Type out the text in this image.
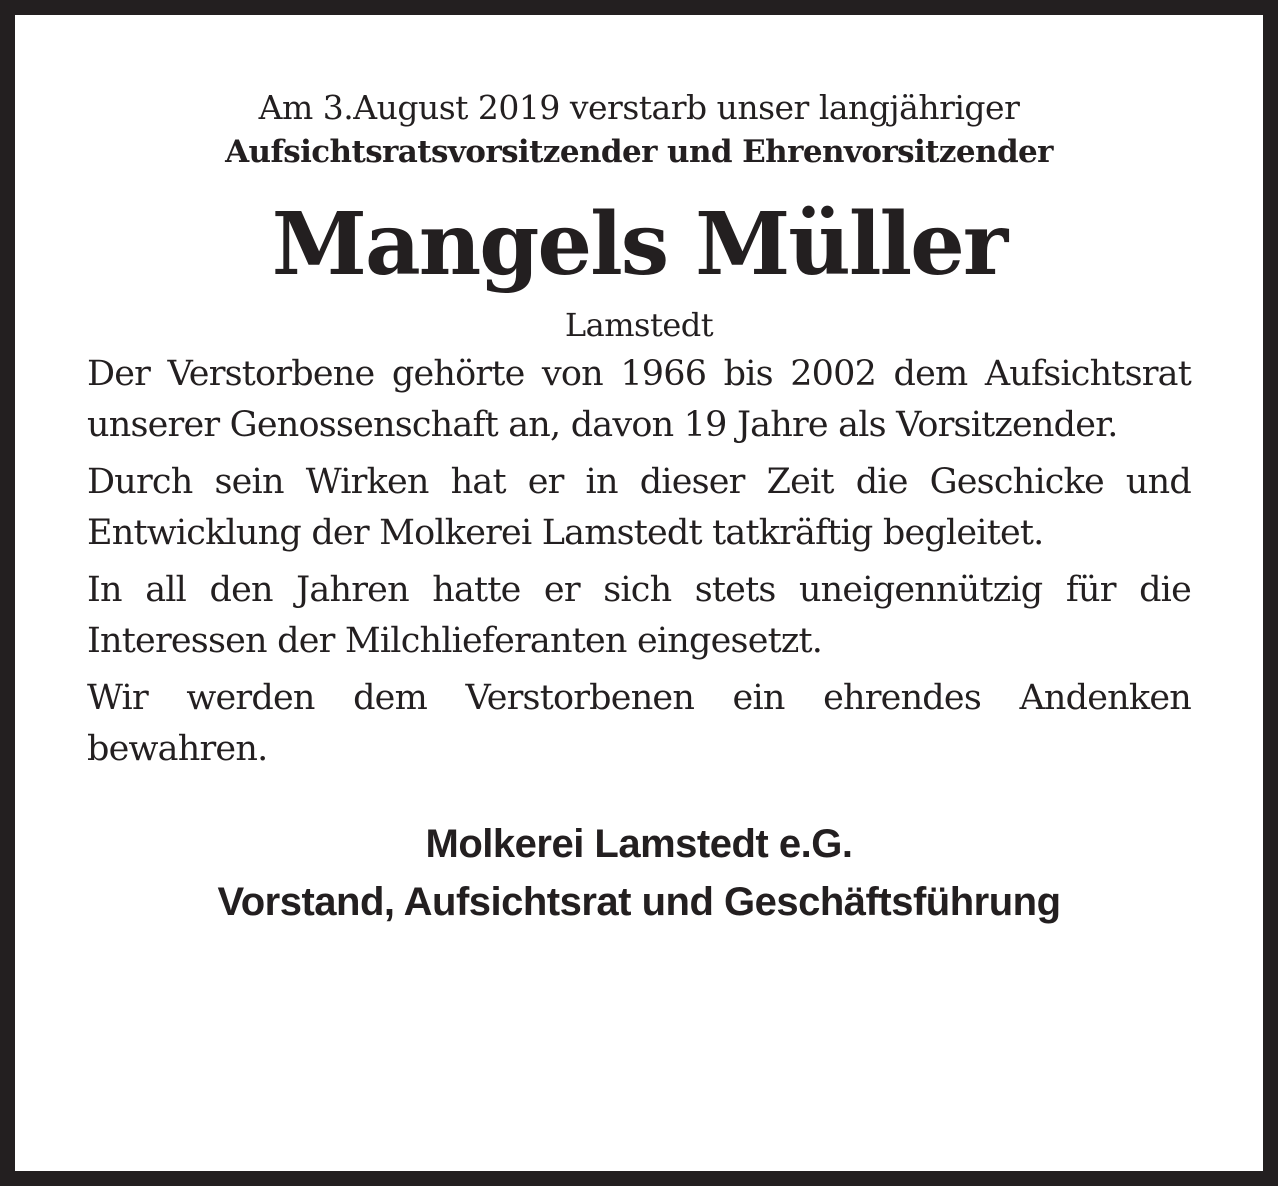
Am 3.August 2019 verstarb unser langjähriger
Aufsichtsratsvorsitzender und Ehrenvorsitzender
Mangels Müller
Lamstedt

Der Verstorbene gehörte von 1966 bis 2002 dem Aufsichtsrat unserer Genossenschaft an, davon 19 Jahre als Vorsitzender.

Durch sein Wirken hat er in dieser Zeit die Geschicke und Entwicklung der Molkerei Lamstedt tatkräftig begleitet.

In all den Jahren hatte er sich stets uneigennützig für die Interessen der Milchlieferanten eingesetzt.

Wir werden dem Verstorbenen ein ehrendes Andenken bewahren.

Molkerei Lamstedt e.G.
Vorstand, Aufsichtsrat und Geschäftsführung
